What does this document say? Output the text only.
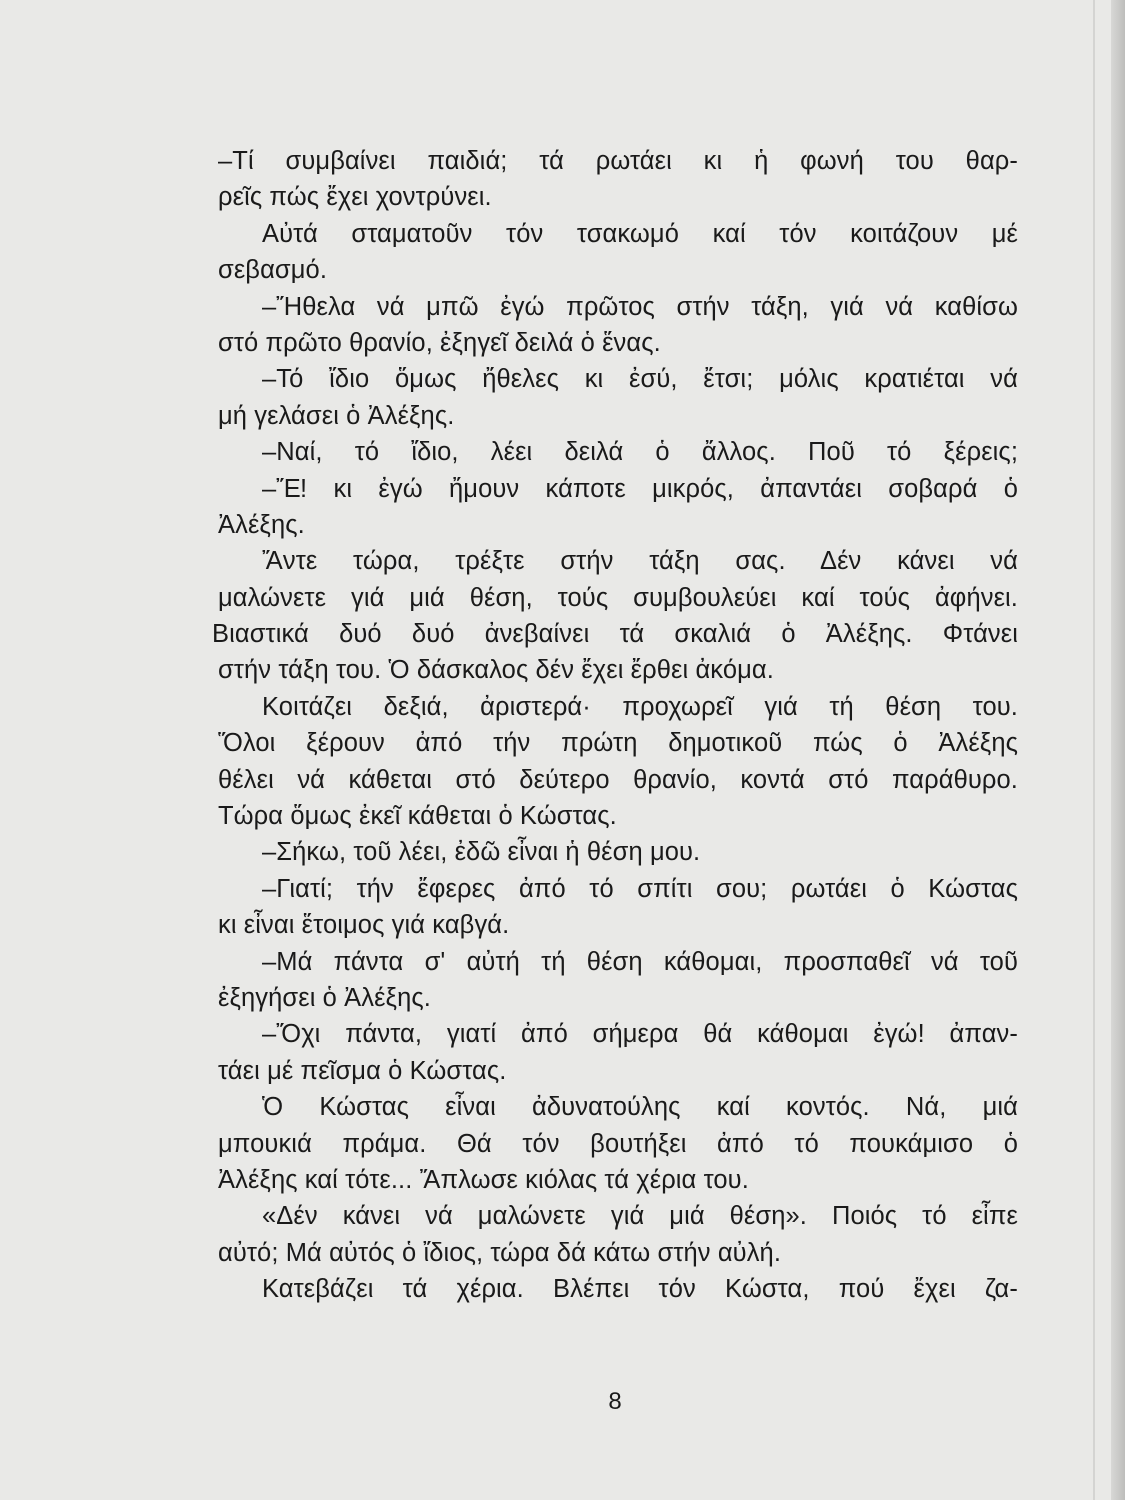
–Τί συμβαίνει παιδιά; τά ρωτάει κι ἡ φωνή του θαρ-
ρεῖς πώς ἔχει χοντρύνει.
Αὐτά σταματοῦν τόν τσακωμό καί τόν κοιτάζουν μέ
σεβασμό.
–Ἤθελα νά μπῶ ἐγώ πρῶτος στήν τάξη, γιά νά καθίσω
στό πρῶτο θρανίο, ἐξηγεῖ δειλά ὁ ἕνας.
–Τό ἴδιο ὅμως ἤθελες κι ἐσύ, ἔτσι; μόλις κρατιέται νά
μή γελάσει ὁ Ἀλέξης.
–Ναί, τό ἴδιο, λέει δειλά ὁ ἄλλος. Ποῦ τό ξέρεις;
–Ἔ! κι ἐγώ ἤμουν κάποτε μικρός, ἀπαντάει σοβαρά ὁ
Ἀλέξης.
Ἄντε τώρα, τρέξτε στήν τάξη σας. Δέν κάνει νά
μαλώνετε γιά μιά θέση, τούς συμβουλεύει καί τούς ἀφήνει.
Βιαστικά δυό δυό ἀνεβαίνει τά σκαλιά ὁ Ἀλέξης. Φτάνει
στήν τάξη του. Ὁ δάσκαλος δέν ἔχει ἔρθει ἀκόμα.
Κοιτάζει δεξιά, ἀριστερά· προχωρεῖ γιά τή θέση του.
Ὅλοι ξέρουν ἀπό τήν πρώτη δημοτικοῦ πώς ὁ Ἀλέξης
θέλει νά κάθεται στό δεύτερο θρανίο, κοντά στό παράθυρο.
Τώρα ὅμως ἐκεῖ κάθεται ὁ Κώστας.
–Σήκω, τοῦ λέει, ἐδῶ εἶναι ἡ θέση μου.
–Γιατί; τήν ἔφερες ἀπό τό σπίτι σου; ρωτάει ὁ Κώστας
κι εἶναι ἕτοιμος γιά καβγά.
–Μά πάντα σ' αὐτή τή θέση κάθομαι, προσπαθεῖ νά τοῦ
ἐξηγήσει ὁ Ἀλέξης.
–Ὄχι πάντα, γιατί ἀπό σήμερα θά κάθομαι ἐγώ! ἀπαν-
τάει μέ πεῖσμα ὁ Κώστας.
Ὁ Κώστας εἶναι ἀδυνατούλης καί κοντός. Νά, μιά
μπουκιά πράμα. Θά τόν βουτήξει ἀπό τό πουκάμισο ὁ
Ἀλέξης καί τότε... Ἄπλωσε κιόλας τά χέρια του.
«Δέν κάνει νά μαλώνετε γιά μιά θέση». Ποιός τό εἶπε
αὐτό; Μά αὐτός ὁ ἴδιος, τώρα δά κάτω στήν αὐλή.
Κατεβάζει τά χέρια. Βλέπει τόν Κώστα, πού ἔχει ζα-
8
